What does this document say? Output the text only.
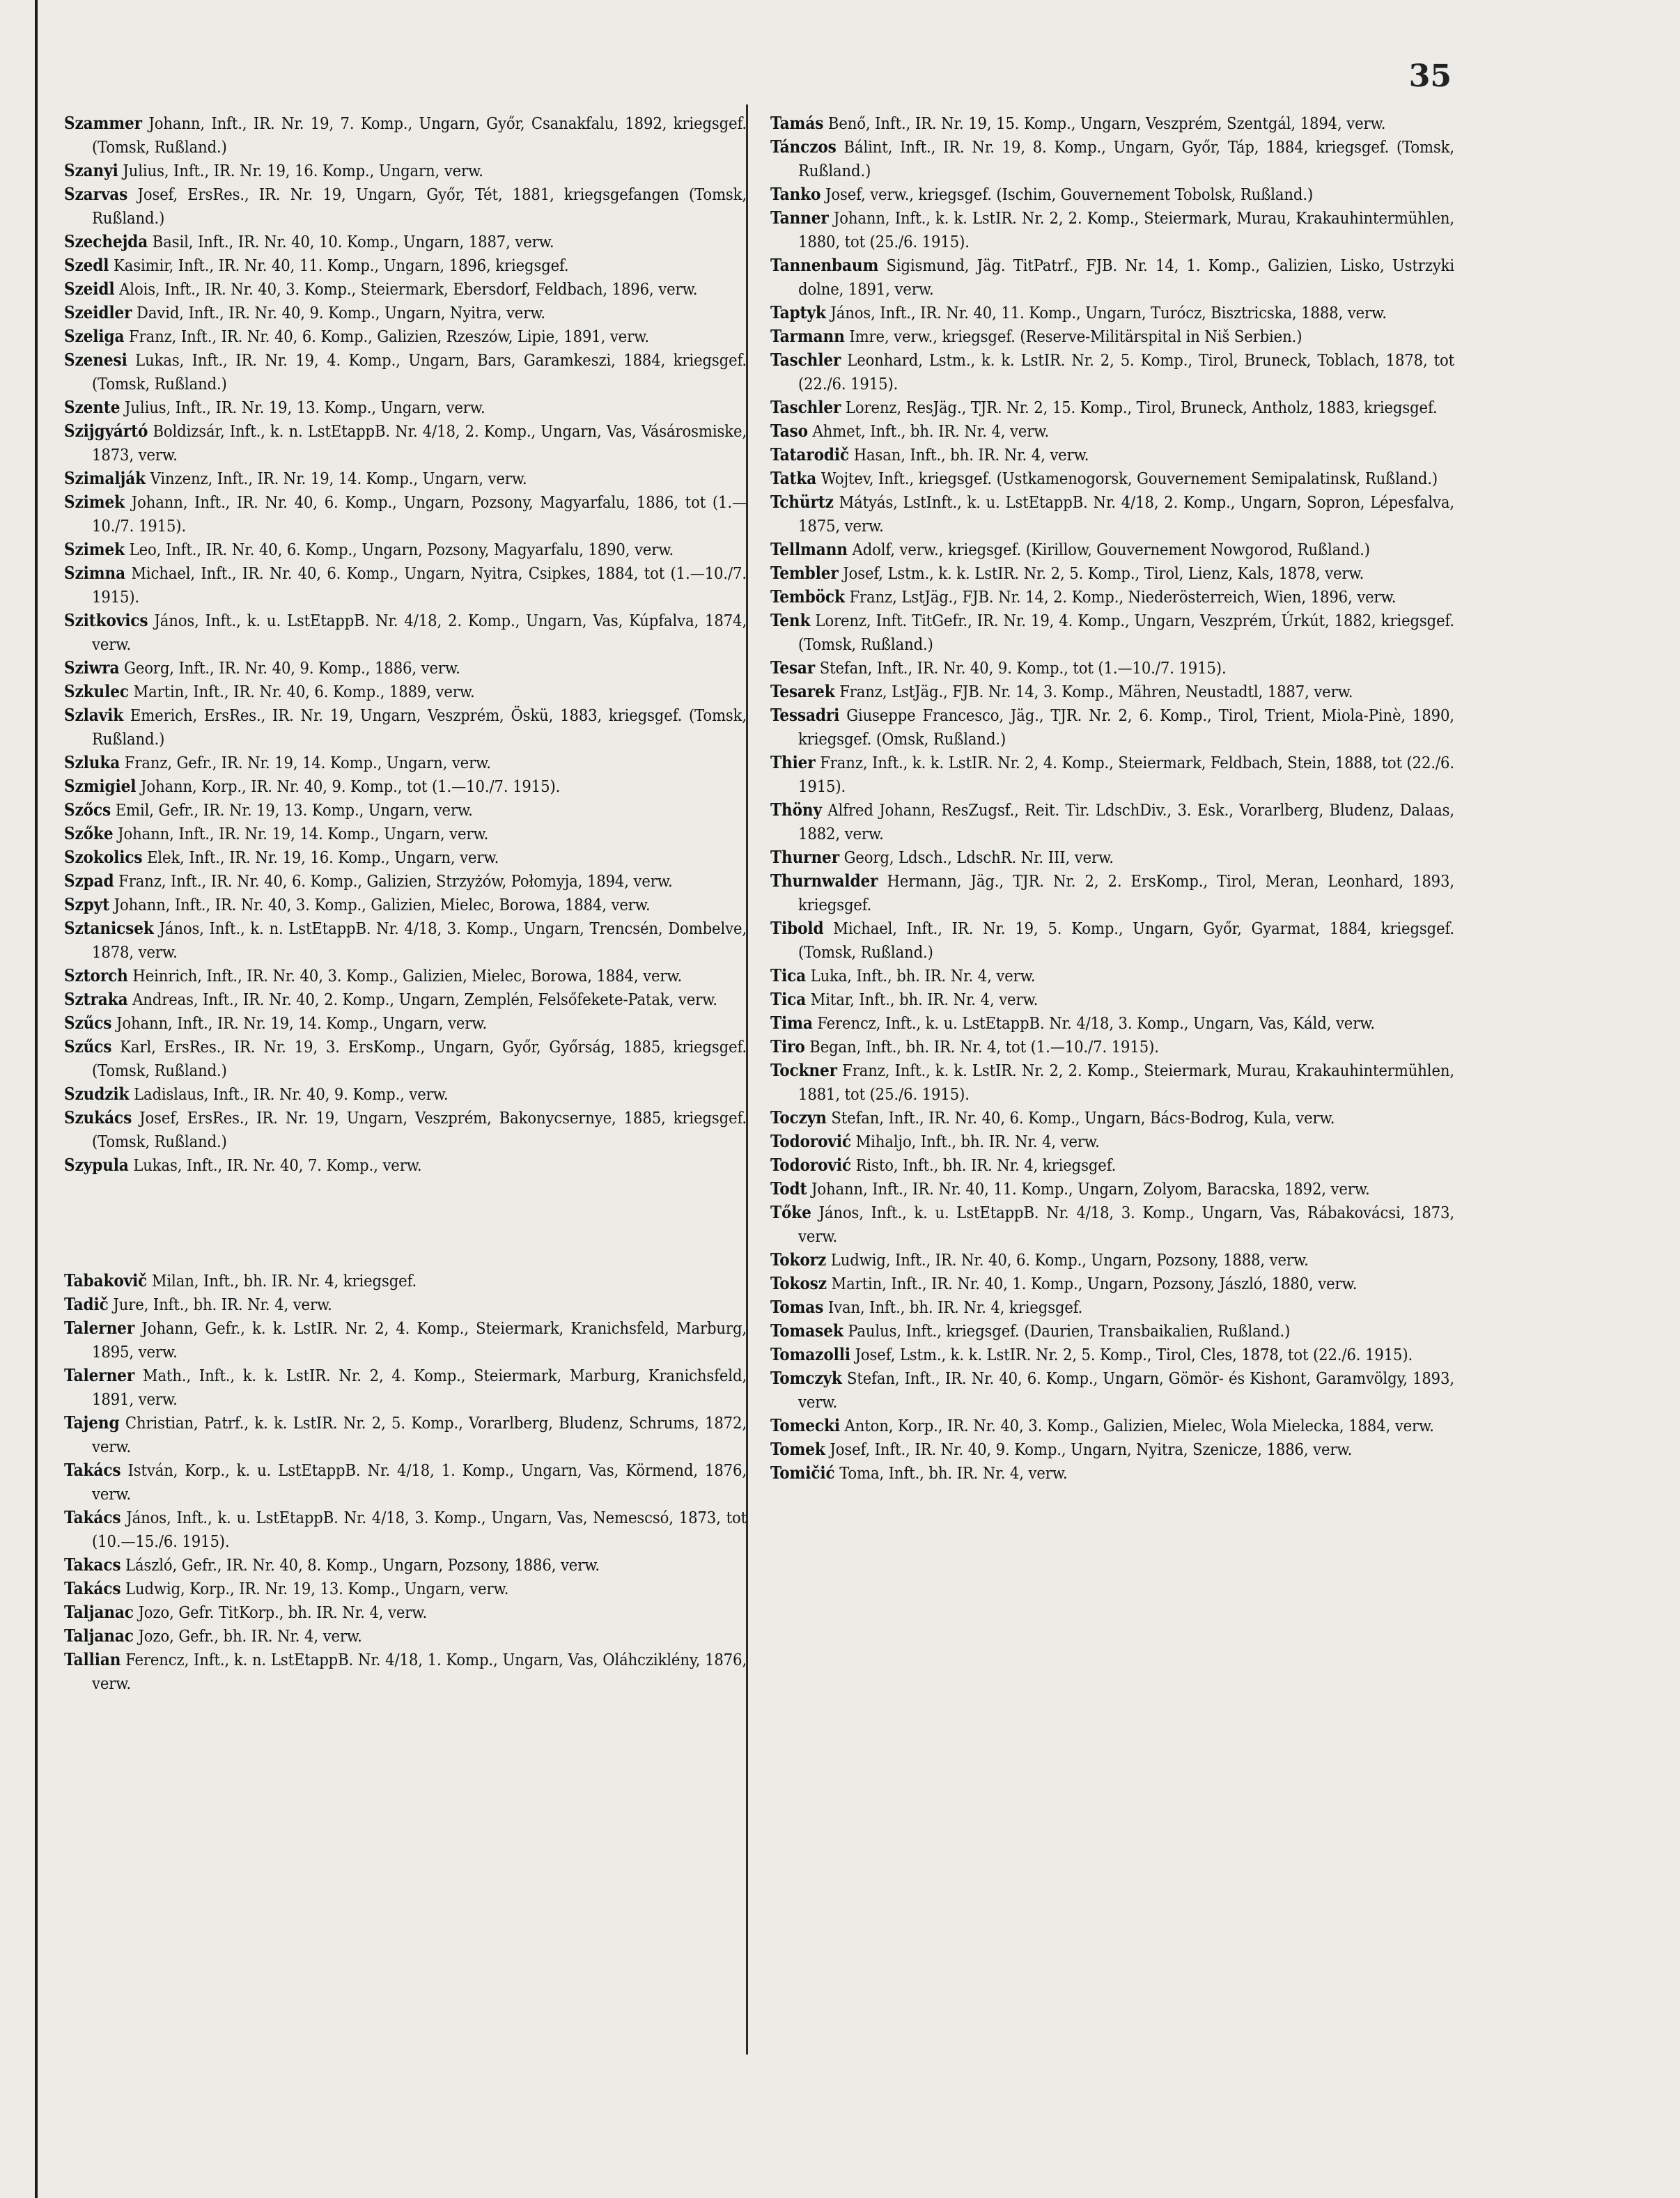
35
Szammer Johann, Inft., IR. Nr. 19, 7. Komp., Ungarn, Győr, Csanakfalu, 1892, kriegsgef. (Tomsk, Rußland.)
Szanyi Julius, Inft., IR. Nr. 19, 16. Komp., Ungarn, verw.
Szarvas Josef, ErsRes., IR. Nr. 19, Ungarn, Győr, Tét, 1881, kriegsgefangen (Tomsk, Rußland.)
Szechejda Basil, Inft., IR. Nr. 40, 10. Komp., Ungarn, 1887, verw.
Szedl Kasimir, Inft., IR. Nr. 40, 11. Komp., Ungarn, 1896, kriegsgef.
Szeidl Alois, Inft., IR. Nr. 40, 3. Komp., Steiermark, Ebersdorf, Feldbach, 1896, verw.
Szeidler David, Inft., IR. Nr. 40, 9. Komp., Ungarn, Nyitra, verw.
Szeliga Franz, Inft., IR. Nr. 40, 6. Komp., Galizien, Rzeszów, Lipie, 1891, verw.
Szenesi Lukas, Inft., IR. Nr. 19, 4. Komp., Ungarn, Bars, Garamkeszi, 1884, kriegsgef. (Tomsk, Rußland.)
Szente Julius, Inft., IR. Nr. 19, 13. Komp., Ungarn, verw.
Szijgyártó Boldizsár, Inft., k. n. LstEtappB. Nr. 4/18, 2. Komp., Ungarn, Vas, Vásárosmiske, 1873, verw.
Szimalják Vinzenz, Inft., IR. Nr. 19, 14. Komp., Ungarn, verw.
Szimek Johann, Inft., IR. Nr. 40, 6. Komp., Ungarn, Pozsony, Magyarfalu, 1886, tot (1.—10./7. 1915).
Szimek Leo, Inft., IR. Nr. 40, 6. Komp., Ungarn, Pozsony, Magyarfalu, 1890, verw.
Szimna Michael, Inft., IR. Nr. 40, 6. Komp., Ungarn, Nyitra, Csipkes, 1884, tot (1.—10./7. 1915).
Szitkovics János, Inft., k. u. LstEtappB. Nr. 4/18, 2. Komp., Ungarn, Vas, Kúpfalva, 1874, verw.
Sziwra Georg, Inft., IR. Nr. 40, 9. Komp., 1886, verw.
Szkulec Martin, Inft., IR. Nr. 40, 6. Komp., 1889, verw.
Szlavik Emerich, ErsRes., IR. Nr. 19, Ungarn, Veszprém, Öskü, 1883, kriegsgef. (Tomsk, Rußland.)
Szluka Franz, Gefr., IR. Nr. 19, 14. Komp., Ungarn, verw.
Szmigiel Johann, Korp., IR. Nr. 40, 9. Komp., tot (1.—10./7. 1915).
Szőcs Emil, Gefr., IR. Nr. 19, 13. Komp., Ungarn, verw.
Szőke Johann, Inft., IR. Nr. 19, 14. Komp., Ungarn, verw.
Szokolics Elek, Inft., IR. Nr. 19, 16. Komp., Ungarn, verw.
Szpad Franz, Inft., IR. Nr. 40, 6. Komp., Galizien, Strzyżów, Połomyja, 1894, verw.
Szpyt Johann, Inft., IR. Nr. 40, 3. Komp., Galizien, Mielec, Borowa, 1884, verw.
Sztanicsek János, Inft., k. n. LstEtappB. Nr. 4/18, 3. Komp., Ungarn, Trencsén, Dombelve, 1878, verw.
Sztorch Heinrich, Inft., IR. Nr. 40, 3. Komp., Galizien, Mielec, Borowa, 1884, verw.
Sztraka Andreas, Inft., IR. Nr. 40, 2. Komp., Ungarn, Zemplén, Felsőfekete-Patak, verw.
Szűcs Johann, Inft., IR. Nr. 19, 14. Komp., Ungarn, verw.
Szűcs Karl, ErsRes., IR. Nr. 19, 3. ErsKomp., Ungarn, Győr, Győrság, 1885, kriegsgef. (Tomsk, Rußland.)
Szudzik Ladislaus, Inft., IR. Nr. 40, 9. Komp., verw.
Szukács Josef, ErsRes., IR. Nr. 19, Ungarn, Veszprém, Bakonycsernye, 1885, kriegsgef. (Tomsk, Rußland.)
Szypula Lukas, Inft., IR. Nr. 40, 7. Komp., verw.
Tabakovič Milan, Inft., bh. IR. Nr. 4, kriegsgef.
Tadič Jure, Inft., bh. IR. Nr. 4, verw.
Talerner Johann, Gefr., k. k. LstIR. Nr. 2, 4. Komp., Steiermark, Kranichsfeld, Marburg, 1895, verw.
Talerner Math., Inft., k. k. LstIR. Nr. 2, 4. Komp., Steiermark, Marburg, Kranichsfeld, 1891, verw.
Tajeng Christian, Patrf., k. k. LstIR. Nr. 2, 5. Komp., Vorarlberg, Bludenz, Schrums, 1872, verw.
Takács István, Korp., k. u. LstEtappB. Nr. 4/18, 1. Komp., Ungarn, Vas, Körmend, 1876, verw.
Takács János, Inft., k. u. LstEtappB. Nr. 4/18, 3. Komp., Ungarn, Vas, Nemescsó, 1873, tot (10.—15./6. 1915).
Takacs László, Gefr., IR. Nr. 40, 8. Komp., Ungarn, Pozsony, 1886, verw.
Takács Ludwig, Korp., IR. Nr. 19, 13. Komp., Ungarn, verw.
Taljanac Jozo, Gefr. TitKorp., bh. IR. Nr. 4, verw.
Taljanac Jozo, Gefr., bh. IR. Nr. 4, verw.
Tallian Ferencz, Inft., k. n. LstEtappB. Nr. 4/18, 1. Komp., Ungarn, Vas, Oláhcziklény, 1876, verw.
Tamás Benő, Inft., IR. Nr. 19, 15. Komp., Ungarn, Veszprém, Szentgál, 1894, verw.
Tánczos Bálint, Inft., IR. Nr. 19, 8. Komp., Ungarn, Győr, Táp, 1884, kriegsgef. (Tomsk, Rußland.)
Tanko Josef, verw., kriegsgef. (Ischim, Gouvernement Tobolsk, Rußland.)
Tanner Johann, Inft., k. k. LstIR. Nr. 2, 2. Komp., Steiermark, Murau, Krakauhintermühlen, 1880, tot (25./6. 1915).
Tannenbaum Sigismund, Jäg. TitPatrf., FJB. Nr. 14, 1. Komp., Galizien, Lisko, Ustrzyki dolne, 1891, verw.
Taptyk János, Inft., IR. Nr. 40, 11. Komp., Ungarn, Turócz, Bisztricska, 1888, verw.
Tarmann Imre, verw., kriegsgef. (Reserve-Militärspital in Niš Serbien.)
Taschler Leonhard, Lstm., k. k. LstIR. Nr. 2, 5. Komp., Tirol, Bruneck, Toblach, 1878, tot (22./6. 1915).
Taschler Lorenz, ResJäg., TJR. Nr. 2, 15. Komp., Tirol, Bruneck, Antholz, 1883, kriegsgef.
Taso Ahmet, Inft., bh. IR. Nr. 4, verw.
Tatarodič Hasan, Inft., bh. IR. Nr. 4, verw.
Tatka Wojtev, Inft., kriegsgef. (Ustkamenogorsk, Gouvernement Semipalatinsk, Rußland.)
Tchürtz Mátyás, LstInft., k. u. LstEtappB. Nr. 4/18, 2. Komp., Ungarn, Sopron, Lépesfalva, 1875, verw.
Tellmann Adolf, verw., kriegsgef. (Kirillow, Gouvernement Nowgorod, Rußland.)
Tembler Josef, Lstm., k. k. LstIR. Nr. 2, 5. Komp., Tirol, Lienz, Kals, 1878, verw.
Temböck Franz, LstJäg., FJB. Nr. 14, 2. Komp., Niederösterreich, Wien, 1896, verw.
Tenk Lorenz, Inft. TitGefr., IR. Nr. 19, 4. Komp., Ungarn, Veszprém, Úrkút, 1882, kriegsgef. (Tomsk, Rußland.)
Tesar Stefan, Inft., IR. Nr. 40, 9. Komp., tot (1.—10./7. 1915).
Tesarek Franz, LstJäg., FJB. Nr. 14, 3. Komp., Mähren, Neustadtl, 1887, verw.
Tessadri Giuseppe Francesco, Jäg., TJR. Nr. 2, 6. Komp., Tirol, Trient, Miola-Pinè, 1890, kriegsgef. (Omsk, Rußland.)
Thier Franz, Inft., k. k. LstIR. Nr. 2, 4. Komp., Steiermark, Feldbach, Stein, 1888, tot (22./6. 1915).
Thöny Alfred Johann, ResZugsf., Reit. Tir. LdschDiv., 3. Esk., Vorarlberg, Bludenz, Dalaas, 1882, verw.
Thurner Georg, Ldsch., LdschR. Nr. III, verw.
Thurnwalder Hermann, Jäg., TJR. Nr. 2, 2. ErsKomp., Tirol, Meran, Leonhard, 1893, kriegsgef.
Tibold Michael, Inft., IR. Nr. 19, 5. Komp., Ungarn, Győr, Gyarmat, 1884, kriegsgef. (Tomsk, Rußland.)
Tica Luka, Inft., bh. IR. Nr. 4, verw.
Tica Mitar, Inft., bh. IR. Nr. 4, verw.
Tima Ferencz, Inft., k. u. LstEtappB. Nr. 4/18, 3. Komp., Ungarn, Vas, Káld, verw.
Tiro Began, Inft., bh. IR. Nr. 4, tot (1.—10./7. 1915).
Tockner Franz, Inft., k. k. LstIR. Nr. 2, 2. Komp., Steiermark, Murau, Krakauhintermühlen, 1881, tot (25./6. 1915).
Toczyn Stefan, Inft., IR. Nr. 40, 6. Komp., Ungarn, Bács-Bodrog, Kula, verw.
Todorović Mihaljo, Inft., bh. IR. Nr. 4, verw.
Todorović Risto, Inft., bh. IR. Nr. 4, kriegsgef.
Todt Johann, Inft., IR. Nr. 40, 11. Komp., Ungarn, Zolyom, Baracska, 1892, verw.
Tőke János, Inft., k. u. LstEtappB. Nr. 4/18, 3. Komp., Ungarn, Vas, Rábakovácsi, 1873, verw.
Tokorz Ludwig, Inft., IR. Nr. 40, 6. Komp., Ungarn, Pozsony, 1888, verw.
Tokosz Martin, Inft., IR. Nr. 40, 1. Komp., Ungarn, Pozsony, Jászló, 1880, verw.
Tomas Ivan, Inft., bh. IR. Nr. 4, kriegsgef.
Tomasek Paulus, Inft., kriegsgef. (Daurien, Transbaikalien, Rußland.)
Tomazolli Josef, Lstm., k. k. LstIR. Nr. 2, 5. Komp., Tirol, Cles, 1878, tot (22./6. 1915).
Tomczyk Stefan, Inft., IR. Nr. 40, 6. Komp., Ungarn, Gömör- és Kishont, Garamvölgy, 1893, verw.
Tomecki Anton, Korp., IR. Nr. 40, 3. Komp., Galizien, Mielec, Wola Mielecka, 1884, verw.
Tomek Josef, Inft., IR. Nr. 40, 9. Komp., Ungarn, Nyitra, Szenicze, 1886, verw.
Tomičić Toma, Inft., bh. IR. Nr. 4, verw.
